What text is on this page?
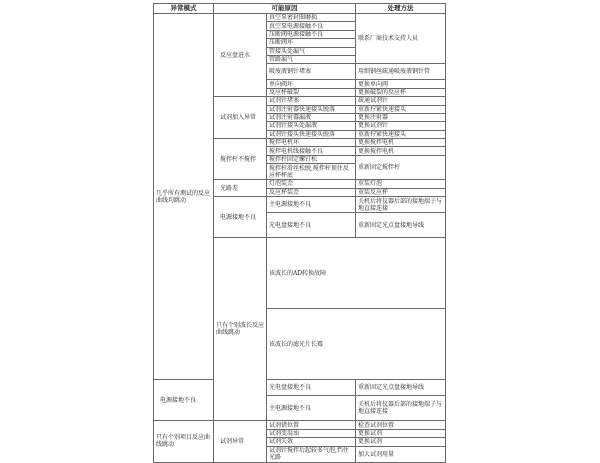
异常模式	可能原因		处理方法	
几乎所有测试的反应曲线均跳动	反应盘进水	真空泵密封圈磨损	联系厂商技术支持人员	
		真空泵电源接触不良		
		压断阀电源接触不良		
		压断阀坏		
		管接头处漏气		
		管路漏气		
		吸废液钢针堵塞	用细钢丝疏通吸废液钢针管	

		单向阀坏	更换单向阀	
		反应杯破裂	更换破裂的反应杯	
	试剂加入异常	试剂针堵塞	疏通试剂针	
		试剂注射器快速接头脱落	重新拧紧快速接头	
		试剂注射器漏液	更换注射器	
		试剂针接头处漏液	更换试剂针	
		试剂针接头快速接头脱落	重新拧紧快速接头	
	搅拌杆不搅拌	搅拌电机坏	更换搅拌电机	
		搅拌电机线接触不良	更换搅拌电机	
		搅拌杆固定螺钉松	重新固定搅拌杆	
		搅拌杆滑丝松脱,搅拌杆顶住反应杯杯底		

	光路差	灯泡装歪	重装灯泡	
		反应杯装歪	重装反应杯	
	电源接地不良	主电源接地不良	关机后将仪器后部的接地端子与地直接连接	

		光电盘接地不良	重新固定光点盘接地导线	

	只有个别波长反应曲线跳动	该波长的AD转换故障	
		该波长的滤光片长霉	
电源接地不良		光电盘接地不良	重新固定光点盘接地导线	

		主电源接地不良	关机后将仪器后部的接地端子与地直接连接	

只有个别项目反应曲线跳动	试剂异常	试剂错位置	检查试剂位置	
		试剂变混浊	更换试剂	
		试剂失效	更换试剂	
		试剂针搅拌后起较多气泡,挡住光路	加大试剂用量	
